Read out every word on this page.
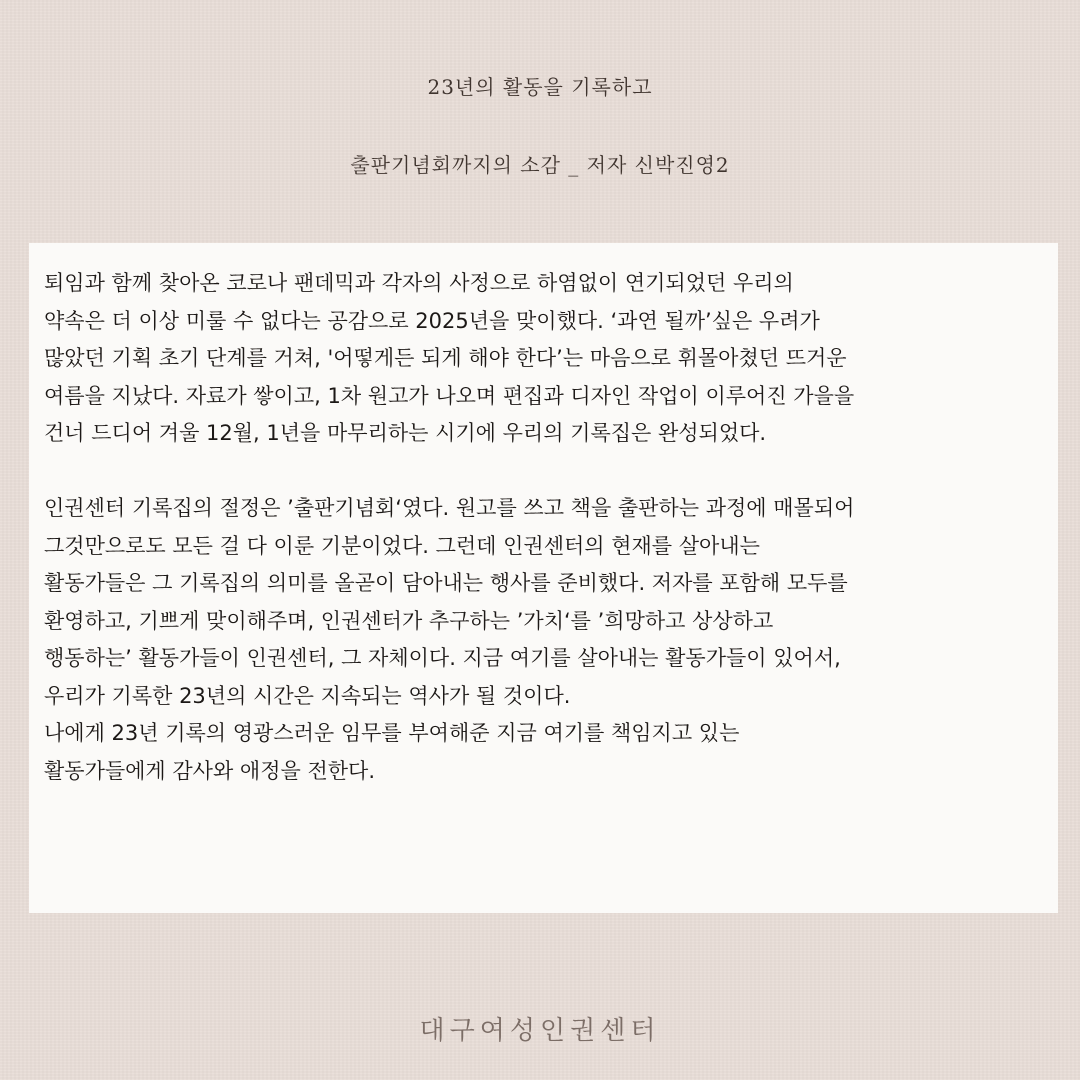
23년의 활동을 기록하고
출판기념회까지의 소감 _ 저자 신박진영2
퇴임과 함께 찾아온 코로나 팬데믹과 각자의 사정으로 하염없이 연기되었던 우리의
약속은 더 이상 미룰 수 없다는 공감으로 2025년을 맞이했다. ‘과연 될까’싶은 우려가
많았던 기획 초기 단계를 거쳐, '어떻게든 되게 해야 한다’는 마음으로 휘몰아쳤던 뜨거운
여름을 지났다. 자료가 쌓이고, 1차 원고가 나오며 편집과 디자인 작업이 이루어진 가을을
건너 드디어 겨울 12월, 1년을 마무리하는 시기에 우리의 기록집은 완성되었다.
인권센터 기록집의 절정은 ’출판기념회‘였다. 원고를 쓰고 책을 출판하는 과정에 매몰되어
그것만으로도 모든 걸 다 이룬 기분이었다. 그런데 인권센터의 현재를 살아내는
활동가들은 그 기록집의 의미를 올곧이 담아내는 행사를 준비했다. 저자를 포함해 모두를
환영하고, 기쁘게 맞이해주며, 인권센터가 추구하는 ’가치‘를 ’희망하고 상상하고
행동하는’ 활동가들이 인권센터, 그 자체이다. 지금 여기를 살아내는 활동가들이 있어서,
우리가 기록한 23년의 시간은 지속되는 역사가 될 것이다.
나에게 23년 기록의 영광스러운 임무를 부여해준 지금 여기를 책임지고 있는
활동가들에게 감사와 애정을 전한다.
대구여성인권센터
